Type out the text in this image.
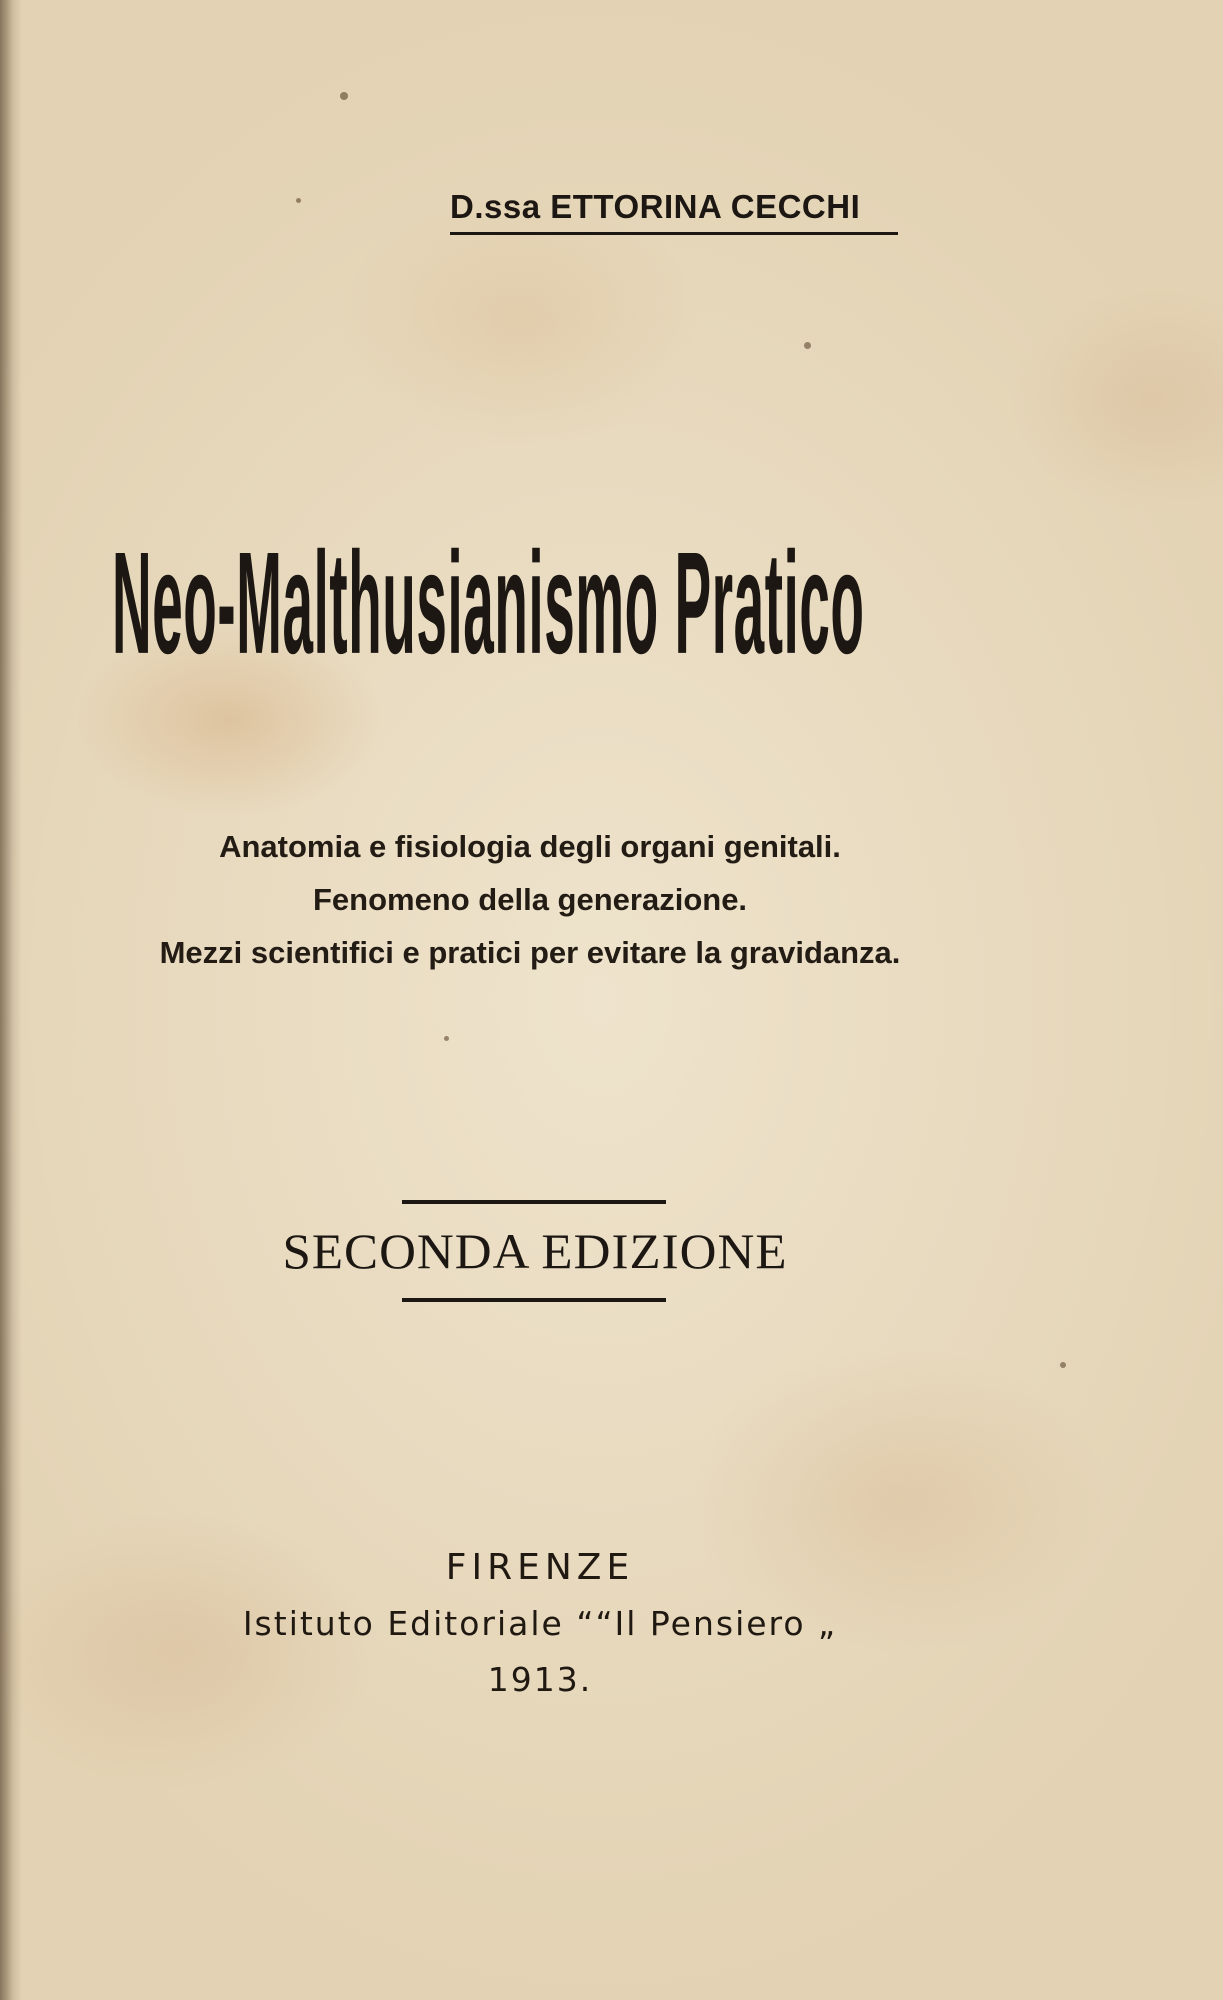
D.ssa ETTORINA CECCHI
Neo-Malthusianismo Pratico
Anatomia e fisiologia degli organi genitali.
Fenomeno della generazione.
Mezzi scientifici e pratici per evitare la gravidanza.
SECONDA EDIZIONE
FIRENZE
Istituto Editoriale ““Il Pensiero „
1913.
